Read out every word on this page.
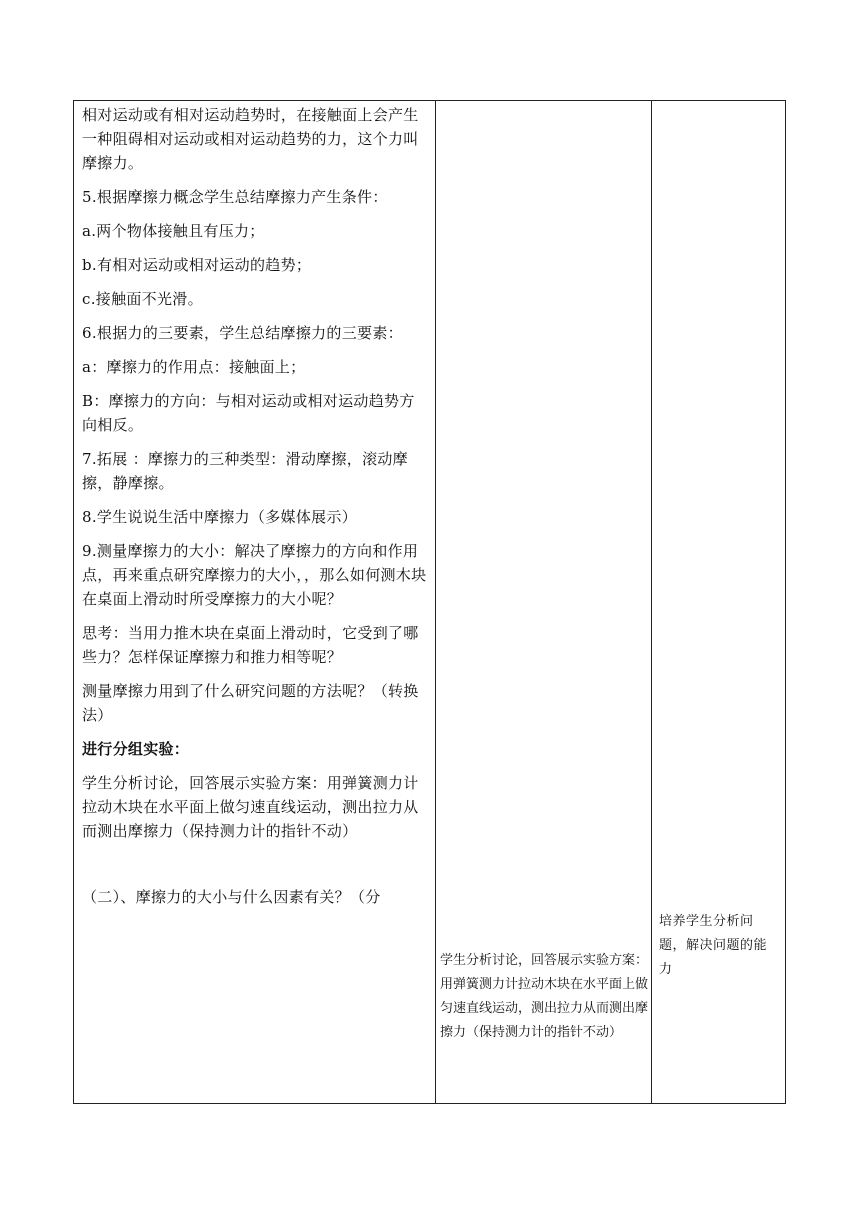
相对运动或有相对运动趋势时，在接触面上会产生一种阻碍相对运动或相对运动趋势的力，这个力叫摩擦力。

5.根据摩擦力概念学生总结摩擦力产生条件：

a.两个物体接触且有压力；

b.有相对运动或相对运动的趋势；

c.接触面不光滑。

6.根据力的三要素，学生总结摩擦力的三要素：

a：摩擦力的作用点：接触面上；

B：摩擦力的方向：与相对运动或相对运动趋势方向相反。

7.拓展 ：摩擦力的三种类型：滑动摩擦，滚动摩擦，静摩擦。

8.学生说说生活中摩擦力（多媒体展示）

9.测量摩擦力的大小：解决了摩擦力的方向和作用点，再来重点研究摩擦力的大小，，那么如何测木块在桌面上滑动时所受摩擦力的大小呢？

思考：当用力推木块在桌面上滑动时，它受到了哪些力？怎样保证摩擦力和推力相等呢？

测量摩擦力用到了什么研究问题的方法呢？（转换法）

进行分组实验：

学生分析讨论，回答展示实验方案：用弹簧测力计拉动木块在水平面上做匀速直线运动，测出拉力从而测出摩擦力（保持测力计的指针不动）

（二）、摩擦力的大小与什么因素有关？（分

学生分析讨论，回答展示实验方案：用弹簧测力计拉动木块在水平面上做匀速直线运动，测出拉力从而测出摩擦力（保持测力计的指针不动）
培养学生分析问题，解决问题的能力
